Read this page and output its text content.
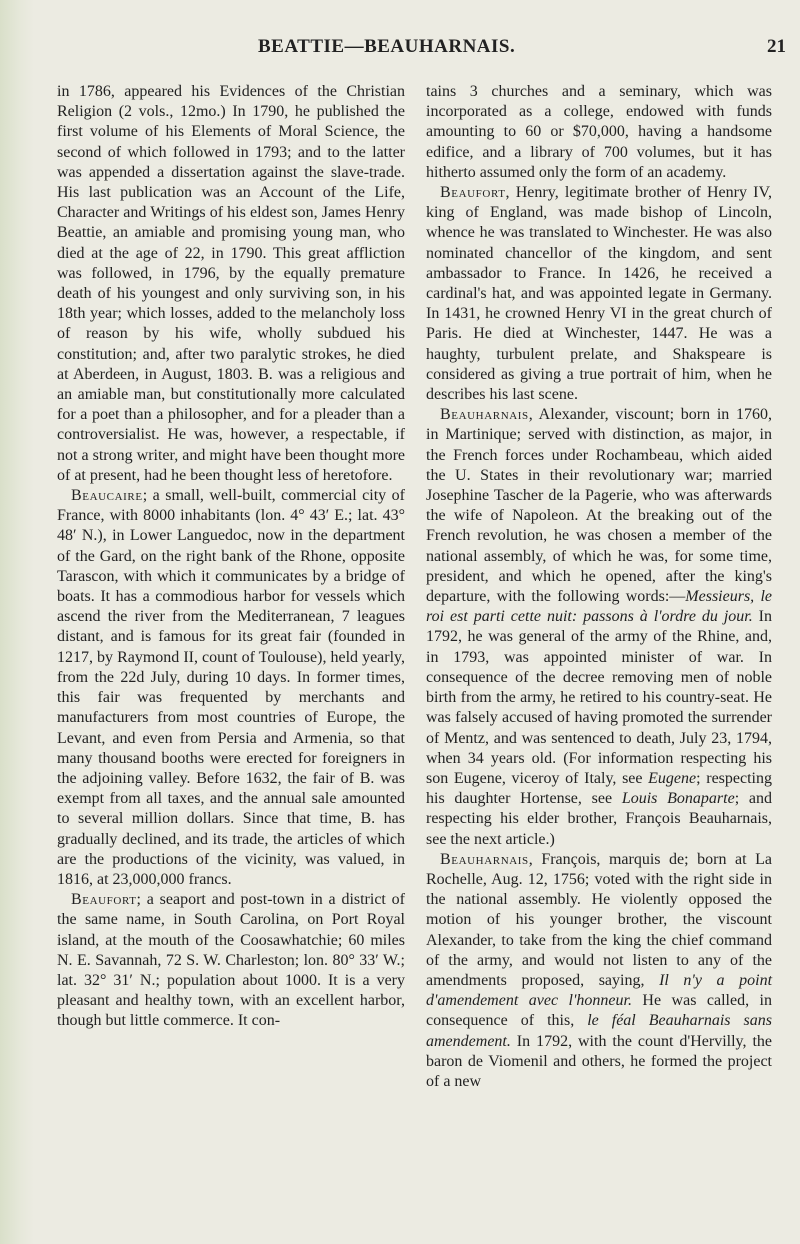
BEATTIE—BEAUHARNAIS.	21

in 1786, appeared his Evidences of the Christian Religion (2 vols., 12mo.) In 1790, he published the first volume of his Elements of Moral Science, the second of which followed in 1793; and to the latter was appended a dissertation against the slave-trade. His last publication was an Account of the Life, Character and Writings of his eldest son, James Henry Beattie, an amiable and promising young man, who died at the age of 22, in 1790. This great affliction was followed, in 1796, by the equally premature death of his youngest and only surviving son, in his 18th year; which losses, added to the melancholy loss of reason by his wife, wholly subdued his constitution; and, after two paralytic strokes, he died at Aberdeen, in August, 1803. B. was a religious and an amiable man, but constitutionally more calculated for a poet than a philosopher, and for a pleader than a controversialist. He was, however, a respectable, if not a strong writer, and might have been thought more of at present, had he been thought less of heretofore.

Beaucaire; a small, well-built, commercial city of France, with 8000 inhabitants (lon. 4° 43′ E.; lat. 43° 48′ N.), in Lower Languedoc, now in the department of the Gard, on the right bank of the Rhone, opposite Tarascon, with which it communicates by a bridge of boats. It has a commodious harbor for vessels which ascend the river from the Mediterranean, 7 leagues distant, and is famous for its great fair (founded in 1217, by Raymond II, count of Toulouse), held yearly, from the 22d July, during 10 days. In former times, this fair was frequented by merchants and manufacturers from most countries of Europe, the Levant, and even from Persia and Armenia, so that many thousand booths were erected for foreigners in the adjoining valley. Before 1632, the fair of B. was exempt from all taxes, and the annual sale amounted to several million dollars. Since that time, B. has gradually declined, and its trade, the articles of which are the productions of the vicinity, was valued, in 1816, at 23,000,000 francs.

Beaufort; a seaport and post-town in a district of the same name, in South Carolina, on Port Royal island, at the mouth of the Coosawhatchie; 60 miles N. E. Savannah, 72 S. W. Charleston; lon. 80° 33′ W.; lat. 32° 31′ N.; population about 1000. It is a very pleasant and healthy town, with an excellent harbor, though but little commerce. It con-

tains 3 churches and a seminary, which was incorporated as a college, endowed with funds amounting to 60 or $70,000, having a handsome edifice, and a library of 700 volumes, but it has hitherto assumed only the form of an academy.

Beaufort, Henry, legitimate brother of Henry IV, king of England, was made bishop of Lincoln, whence he was translated to Winchester. He was also nominated chancellor of the kingdom, and sent ambassador to France. In 1426, he received a cardinal's hat, and was appointed legate in Germany. In 1431, he crowned Henry VI in the great church of Paris. He died at Winchester, 1447. He was a haughty, turbulent prelate, and Shakspeare is considered as giving a true portrait of him, when he describes his last scene.

Beauharnais, Alexander, viscount; born in 1760, in Martinique; served with distinction, as major, in the French forces under Rochambeau, which aided the U. States in their revolutionary war; married Josephine Tascher de la Pagerie, who was afterwards the wife of Napoleon. At the breaking out of the French revolution, he was chosen a member of the national assembly, of which he was, for some time, president, and which he opened, after the king's departure, with the following words:—Messieurs, le roi est parti cette nuit: passons à l'ordre du jour. In 1792, he was general of the army of the Rhine, and, in 1793, was appointed minister of war. In consequence of the decree removing men of noble birth from the army, he retired to his country-seat. He was falsely accused of having promoted the surrender of Mentz, and was sentenced to death, July 23, 1794, when 34 years old. (For information respecting his son Eugene, viceroy of Italy, see Eugene; respecting his daughter Hortense, see Louis Bonaparte; and respecting his elder brother, François Beauharnais, see the next article.)

Beauharnais, François, marquis de; born at La Rochelle, Aug. 12, 1756; voted with the right side in the national assembly. He violently opposed the motion of his younger brother, the viscount Alexander, to take from the king the chief command of the army, and would not listen to any of the amendments proposed, saying, Il n'y a point d'amendement avec l'honneur. He was called, in consequence of this, le féal Beauharnais sans amendement. In 1792, with the count d'Hervilly, the baron de Viomenil and others, he formed the project of a new
